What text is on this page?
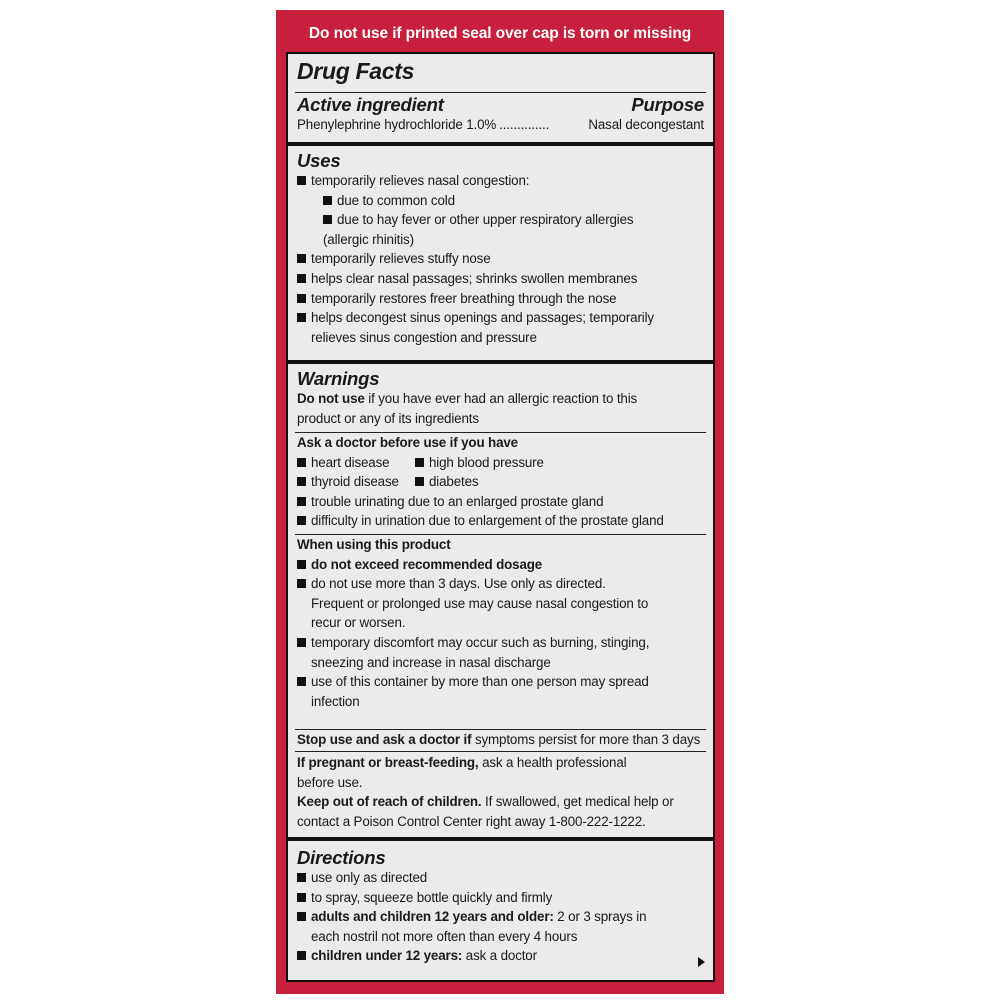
Do not use if printed seal over cap is torn or missing
Drug Facts
Active ingredient	Purpose
Phenylephrine hydrochloride 1.0% ..............	Nasal decongestant
Uses
temporarily relieves nasal congestion:
due to common cold
due to hay fever or other upper respiratory allergies
(allergic rhinitis)
temporarily relieves stuffy nose
helps clear nasal passages; shrinks swollen membranes
temporarily restores freer breathing through the nose
helps decongest sinus openings and passages; temporarily
relieves sinus congestion and pressure
Warnings
Do not use if you have ever had an allergic reaction to this
product or any of its ingredients
Ask a doctor before use if you have
heart disease	high blood pressure
thyroid disease diabetes
trouble urinating due to an enlarged prostate gland
difficulty in urination due to enlargement of the prostate gland
When using this product
do not exceed recommended dosage
do not use more than 3 days. Use only as directed.
Frequent or prolonged use may cause nasal congestion to
recur or worsen.
temporary discomfort may occur such as burning, stinging,
sneezing and increase in nasal discharge
use of this container by more than one person may spread
infection
Stop use and ask a doctor if symptoms persist for more than 3 days
If pregnant or breast-feeding, ask a health professional
before use.
Keep out of reach of children. If swallowed, get medical help or
contact a Poison Control Center right away 1-800-222-1222.
Directions
use only as directed
to spray, squeeze bottle quickly and firmly
adults and children 12 years and older: 2 or 3 sprays in
each nostril not more often than every 4 hours
children under 12 years: ask a doctor
